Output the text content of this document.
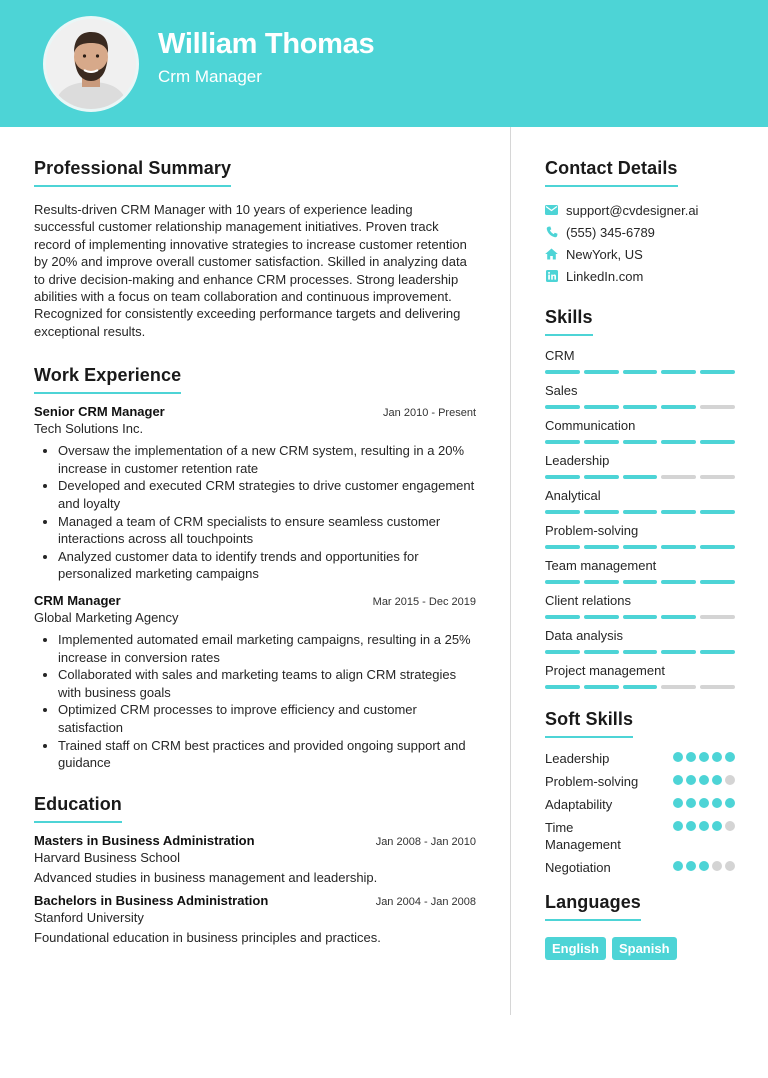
William Thomas
Crm Manager
Professional Summary
Results-driven CRM Manager with 10 years of experience leading successful customer relationship management initiatives. Proven track record of implementing innovative strategies to increase customer retention by 20% and improve overall customer satisfaction. Skilled in analyzing data to drive decision-making and enhance CRM processes. Strong leadership abilities with a focus on team collaboration and continuous improvement. Recognized for consistently exceeding performance targets and delivering exceptional results.
Work Experience
Senior CRM Manager	Jan 2010 - Present
Tech Solutions Inc.
• Oversaw the implementation of a new CRM system, resulting in a 20% increase in customer retention rate
• Developed and executed CRM strategies to drive customer engagement and loyalty
• Managed a team of CRM specialists to ensure seamless customer interactions across all touchpoints
• Analyzed customer data to identify trends and opportunities for personalized marketing campaigns
CRM Manager	Mar 2015 - Dec 2019
Global Marketing Agency
• Implemented automated email marketing campaigns, resulting in a 25% increase in conversion rates
• Collaborated with sales and marketing teams to align CRM strategies with business goals
• Optimized CRM processes to improve efficiency and customer satisfaction
• Trained staff on CRM best practices and provided ongoing support and guidance
Education
Masters in Business Administration	Jan 2008 - Jan 2010
Harvard Business School
Advanced studies in business management and leadership.
Bachelors in Business Administration	Jan 2004 - Jan 2008
Stanford University
Foundational education in business principles and practices.
Contact Details
support@cvdesigner.ai
(555) 345-6789
NewYork, US
LinkedIn.com
Skills
CRM
Sales
Communication
Leadership
Analytical
Problem-solving
Team management
Client relations
Data analysis
Project management
Soft Skills
Leadership
Problem-solving
Adaptability
Time Management
Negotiation
Languages
English	Spanish
